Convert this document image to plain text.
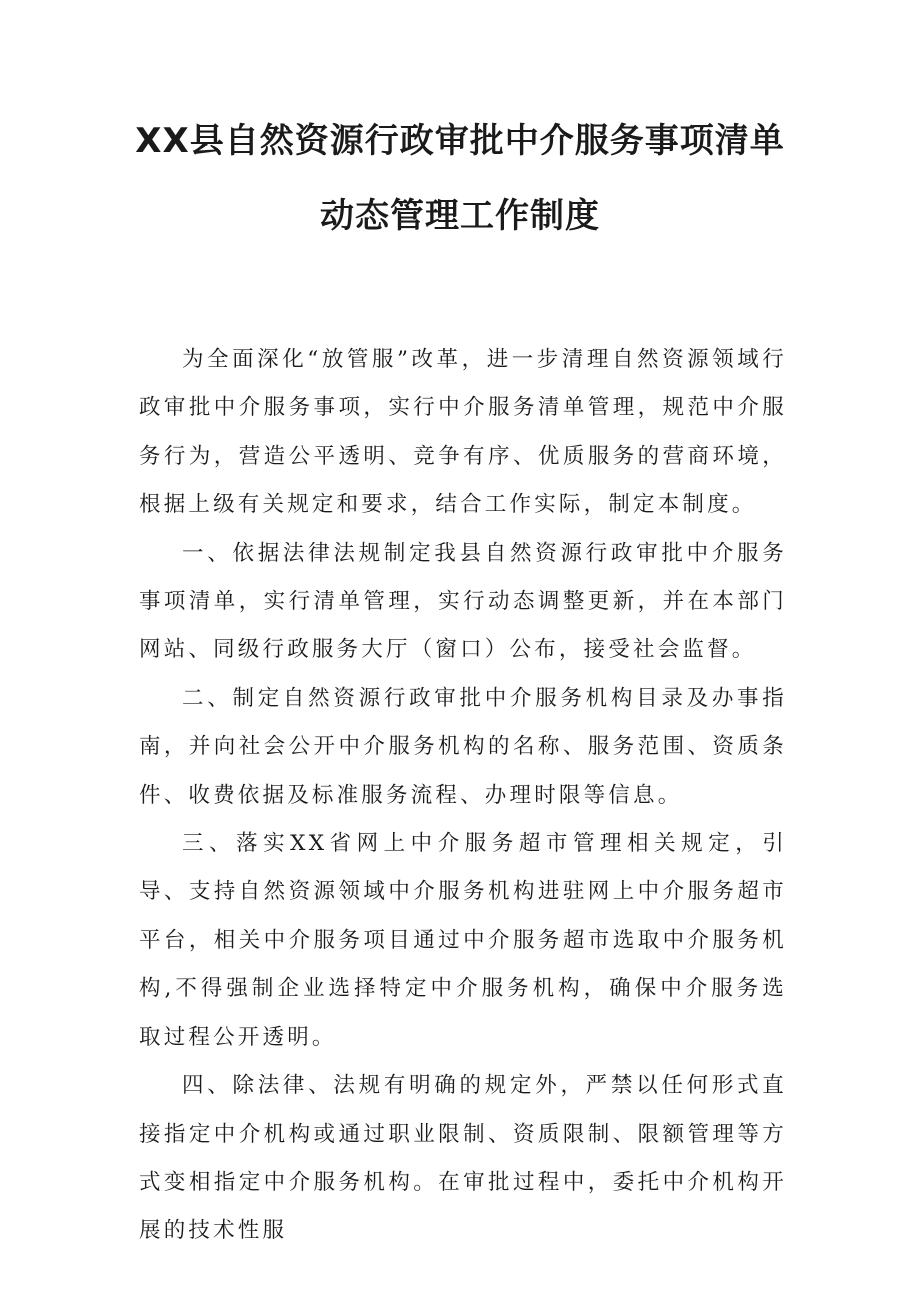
XX县自然资源行政审批中介服务事项清单
动态管理工作制度

为全面深化“放管服”改革，进一步清理自然资源领域行政审批中介服务事项，实行中介服务清单管理，规范中介服务行为，营造公平透明、竞争有序、优质服务的营商环境，根据上级有关规定和要求，结合工作实际，制定本制度。

一、依据法律法规制定我县自然资源行政审批中介服务事项清单，实行清单管理，实行动态调整更新，并在本部门网站、同级行政服务大厅（窗口）公布，接受社会监督。

二、制定自然资源行政审批中介服务机构目录及办事指南，并向社会公开中介服务机构的名称、服务范围、资质条件、收费依据及标准服务流程、办理时限等信息。

三、落实XX省网上中介服务超市管理相关规定，引导、支持自然资源领域中介服务机构进驻网上中介服务超市平台，相关中介服务项目通过中介服务超市选取中介服务机构,不得强制企业选择特定中介服务机构，确保中介服务选取过程公开透明。

四、除法律、法规有明确的规定外，严禁以任何形式直接指定中介机构或通过职业限制、资质限制、限额管理等方式变相指定中介服务机构。在审批过程中，委托中介机构开展的技术性服
